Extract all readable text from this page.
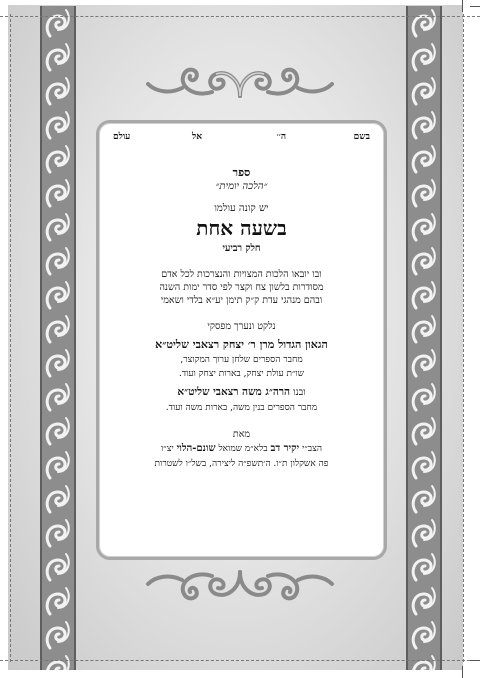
בשם
ה׳׳
אל
עולם
ספר
״הלכה יומית״
יש קונה עולמו
בשעה אחת
חלק רביעי
ובו יובאו הלכות המצויות והנצרכות לכל אדם
מסודרות בלשון צח וקצר לפי סדר ימות השנה
ובהם מנהגי עדת ק״ק תימן יע״א בלדי ושאמי
נלקט ונערך מפסקי
הגאון הגדול מרן ר׳ יצחק רצאבי שליט״א
מחבר הספרים שלחן ערוך המקוצר,
שו״ת עולת יצחק, בארות יצחק ועוד.
ובנו הרה״ג משה רצאבי שליט״א
מחבר הספרים בנין משה, בארות משה ועוד.
מאת
הצב״י יקיר דב בלא״מ שמואל שונם-הלוי יצ״ו
פה אשקלון ת״ו. ה׳תשפ״ה ליצירה, בשל״ו לשטרות
